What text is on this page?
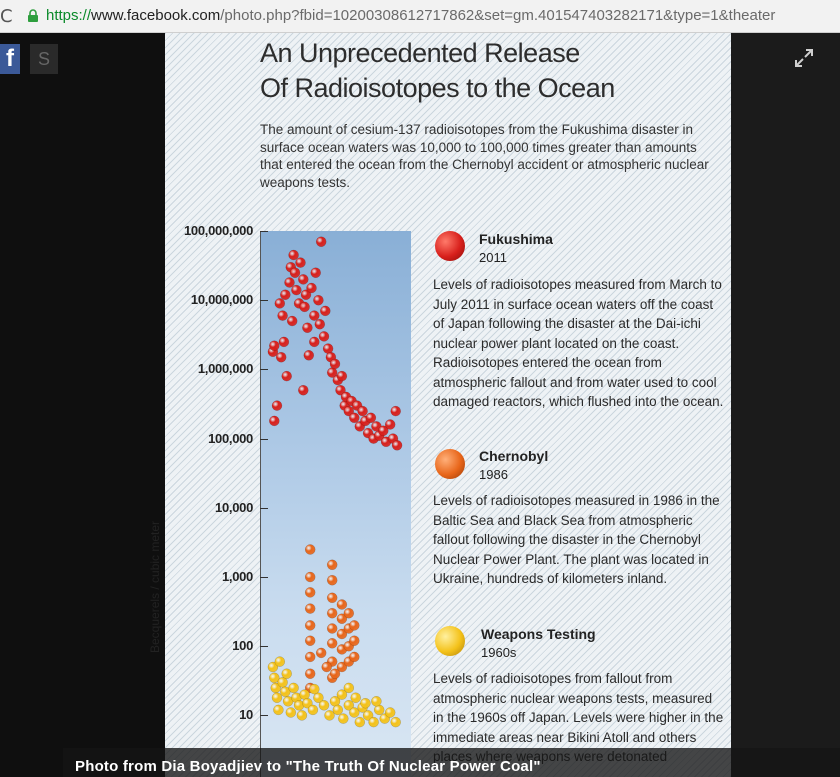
C https://www.facebook.com/photo.php?fbid=10200308612717862&set=gm.401547403282171&type=1&theater
f	S	An Unprecedented Release
Of Radioisotopes to the Ocean
The amount of cesium-137 radioisotopes from the Fukushima disaster in surface ocean waters was 10,000 to 100,000 times greater than amounts that entered the ocean from the Chernobyl accident or atmospheric nuclear weapons tests.
100,000,000
10,000,000
1,000,000
100,000
10,000
1,000
100
10
Becquerels / cubic meter
Fukushima
2011
Levels of radioisotopes measured from March to July 2011 in surface ocean waters off the coast of Japan following the disaster at the Dai-ichi nuclear power plant located on the coast. Radioisotopes entered the ocean from atmospheric fallout and from water used to cool damaged reactors, which flushed into the ocean.
Chernobyl
1986
Levels of radioisotopes measured in 1986 in the Baltic Sea and Black Sea from atmospheric fallout following the disaster in the Chernobyl Nuclear Power Plant. The plant was located in Ukraine, hundreds of kilometers inland.
Weapons Testing
1960s
Levels of radioisotopes from fallout from atmospheric nuclear weapons tests, measured in the 1960s off Japan. Levels were higher in the immediate areas near Bikini Atoll and others
Photo from Dia Boyadjiev to "The Truth Of Nuclear Power Coal"
